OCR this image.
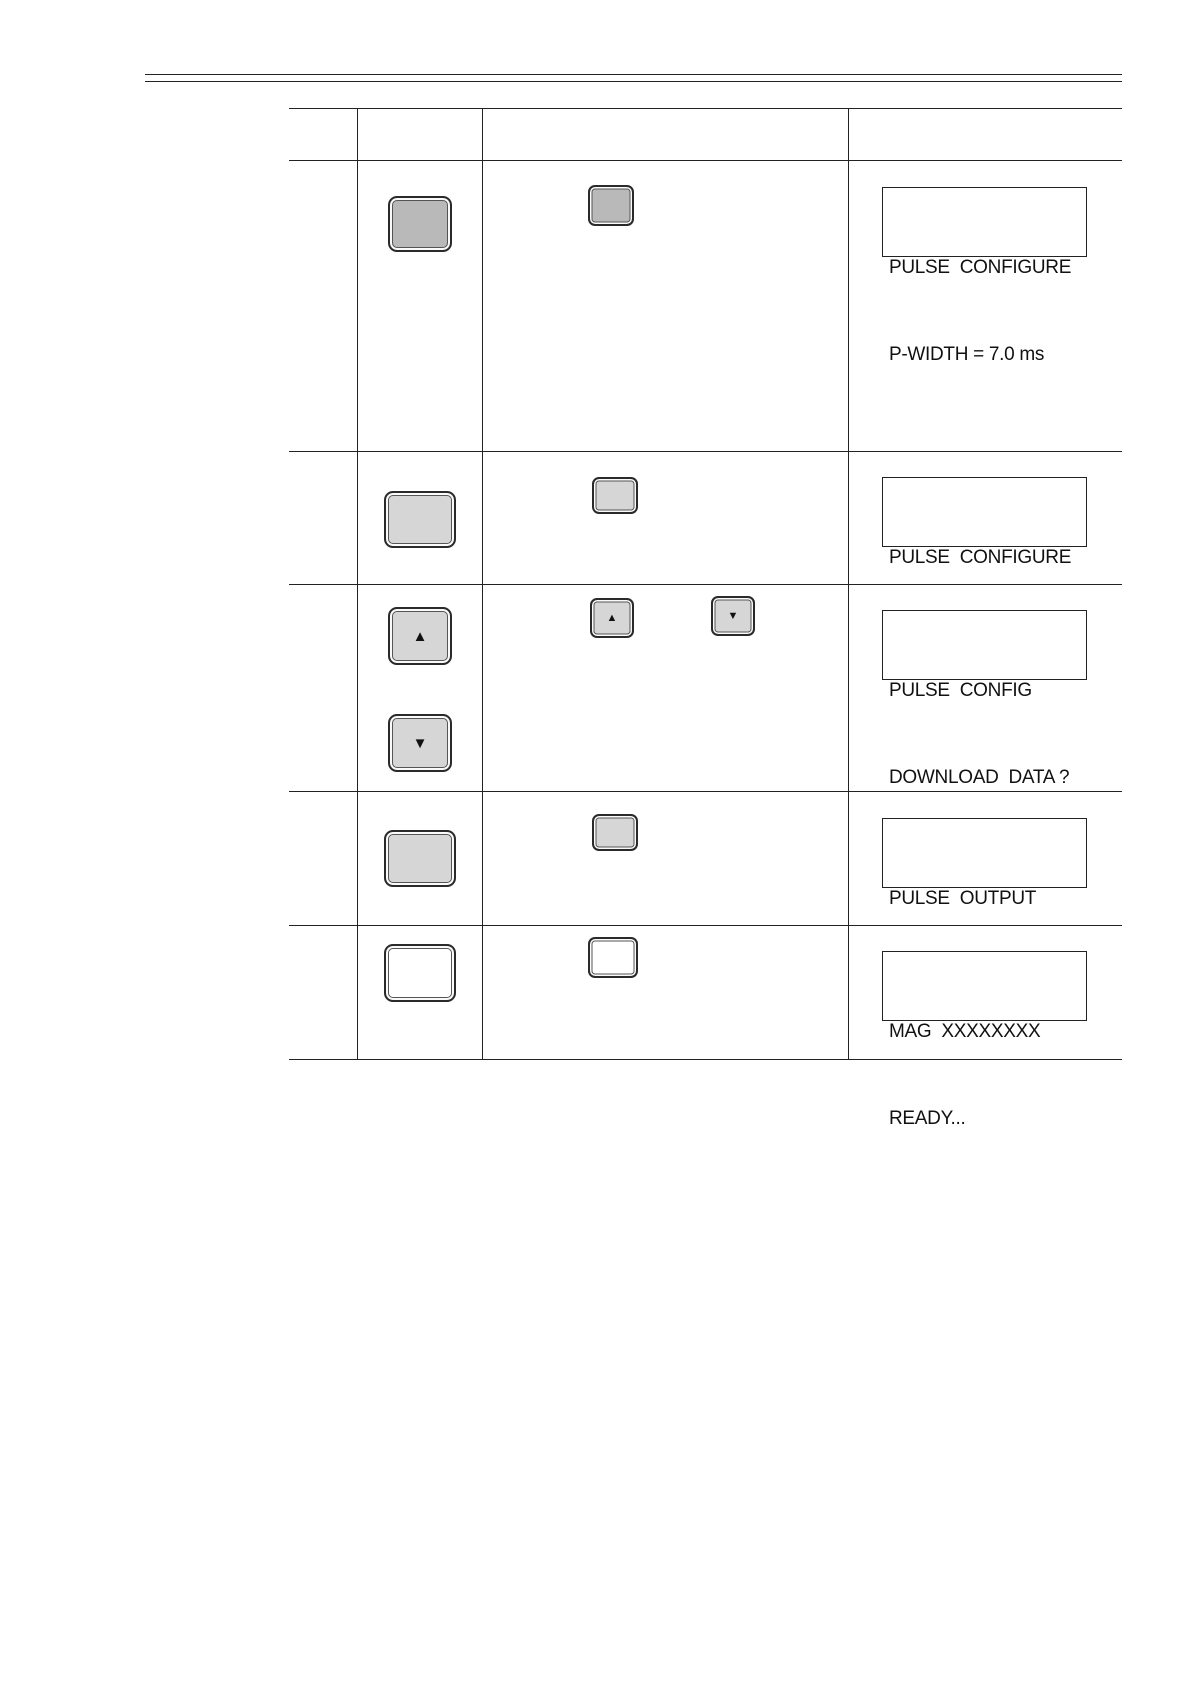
PULSE  CONFIGURE

P-WIDTH = 7.0 ms

PULSE  CONFIGURE

▲
▼
▲	▼

PULSE  CONFIG

DOWNLOAD  DATA ?

PULSE  OUTPUT

MAG  XXXXXXXX

READY...
